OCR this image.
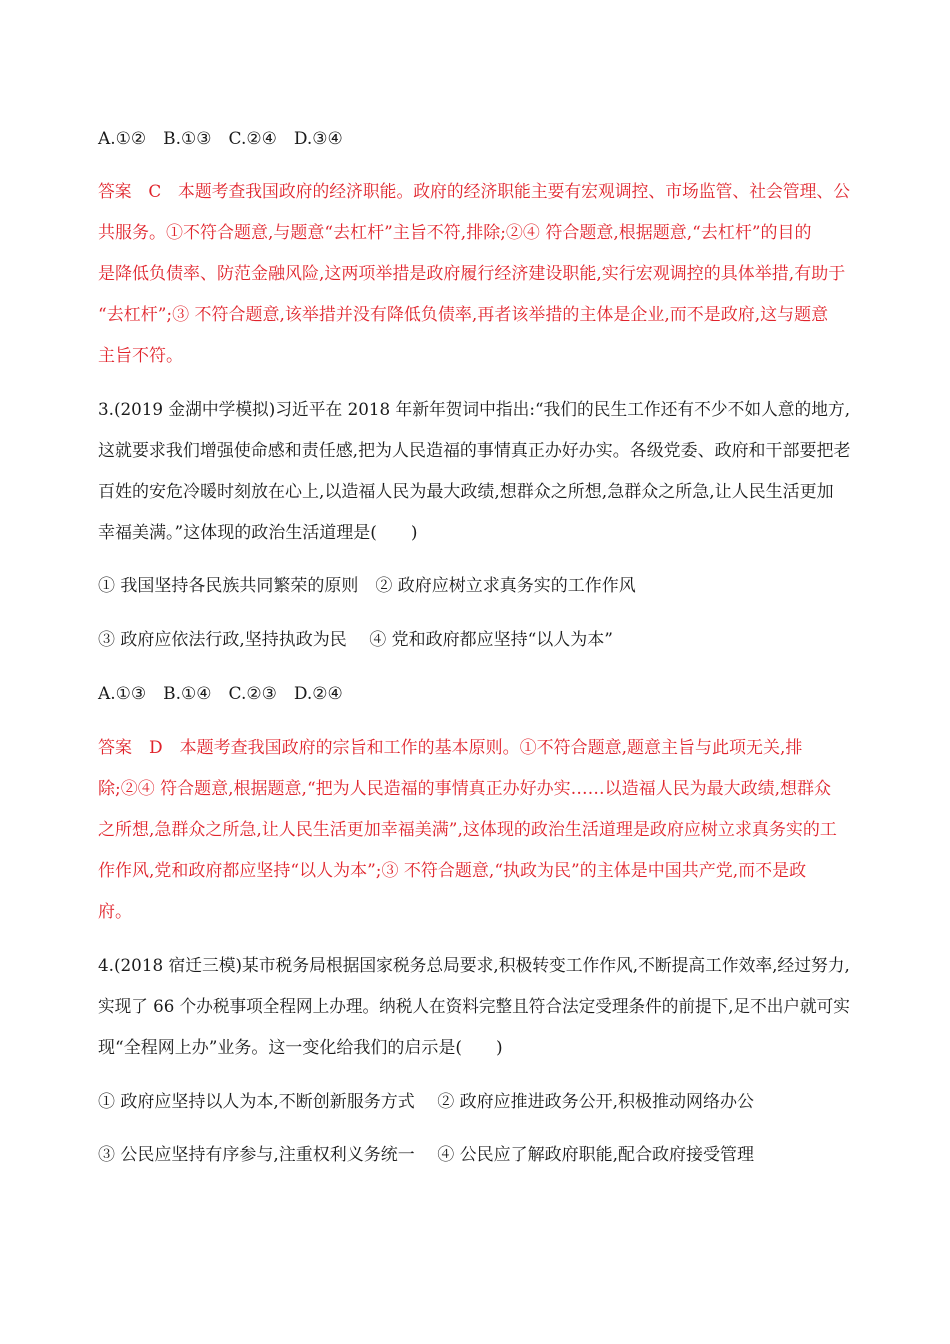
A.①②　B.①③　C.②④　D.③④
答案　C　本题考查我国政府的经济职能。政府的经济职能主要有宏观调控、市场监管、社会管理、公
共服务。①不符合题意,与题意“去杠杆”主旨不符,排除;②④ 符合题意,根据题意,“去杠杆”的目的
是降低负债率、防范金融风险,这两项举措是政府履行经济建设职能,实行宏观调控的具体举措,有助于
“去杠杆”;③ 不符合题意,该举措并没有降低负债率,再者该举措的主体是企业,而不是政府,这与题意
主旨不符。
3.(2019 金湖中学模拟)习近平在 2018 年新年贺词中指出:“我们的民生工作还有不少不如人意的地方,
这就要求我们增强使命感和责任感,把为人民造福的事情真正办好办实。各级党委、政府和干部要把老
百姓的安危冷暖时刻放在心上,以造福人民为最大政绩,想群众之所想,急群众之所急,让人民生活更加
幸福美满。”这体现的政治生活道理是(　　)
① 我国坚持各民族共同繁荣的原则　② 政府应树立求真务实的工作作风
③ 政府应依法行政,坚持执政为民　 ④ 党和政府都应坚持“以人为本”
A.①③　B.①④　C.②③　D.②④
答案　D　本题考查我国政府的宗旨和工作的基本原则。①不符合题意,题意主旨与此项无关,排
除;②④ 符合题意,根据题意,“把为人民造福的事情真正办好办实……以造福人民为最大政绩,想群众
之所想,急群众之所急,让人民生活更加幸福美满”,这体现的政治生活道理是政府应树立求真务实的工
作作风,党和政府都应坚持“以人为本”;③ 不符合题意,“执政为民”的主体是中国共产党,而不是政
府。
4.(2018 宿迁三模)某市税务局根据国家税务总局要求,积极转变工作作风,不断提高工作效率,经过努力,
实现了 66 个办税事项全程网上办理。纳税人在资料完整且符合法定受理条件的前提下,足不出户就可实
现“全程网上办”业务。这一变化给我们的启示是(　　)
① 政府应坚持以人为本,不断创新服务方式　 ② 政府应推进政务公开,积极推动网络办公
③ 公民应坚持有序参与,注重权利义务统一　 ④ 公民应了解政府职能,配合政府接受管理
